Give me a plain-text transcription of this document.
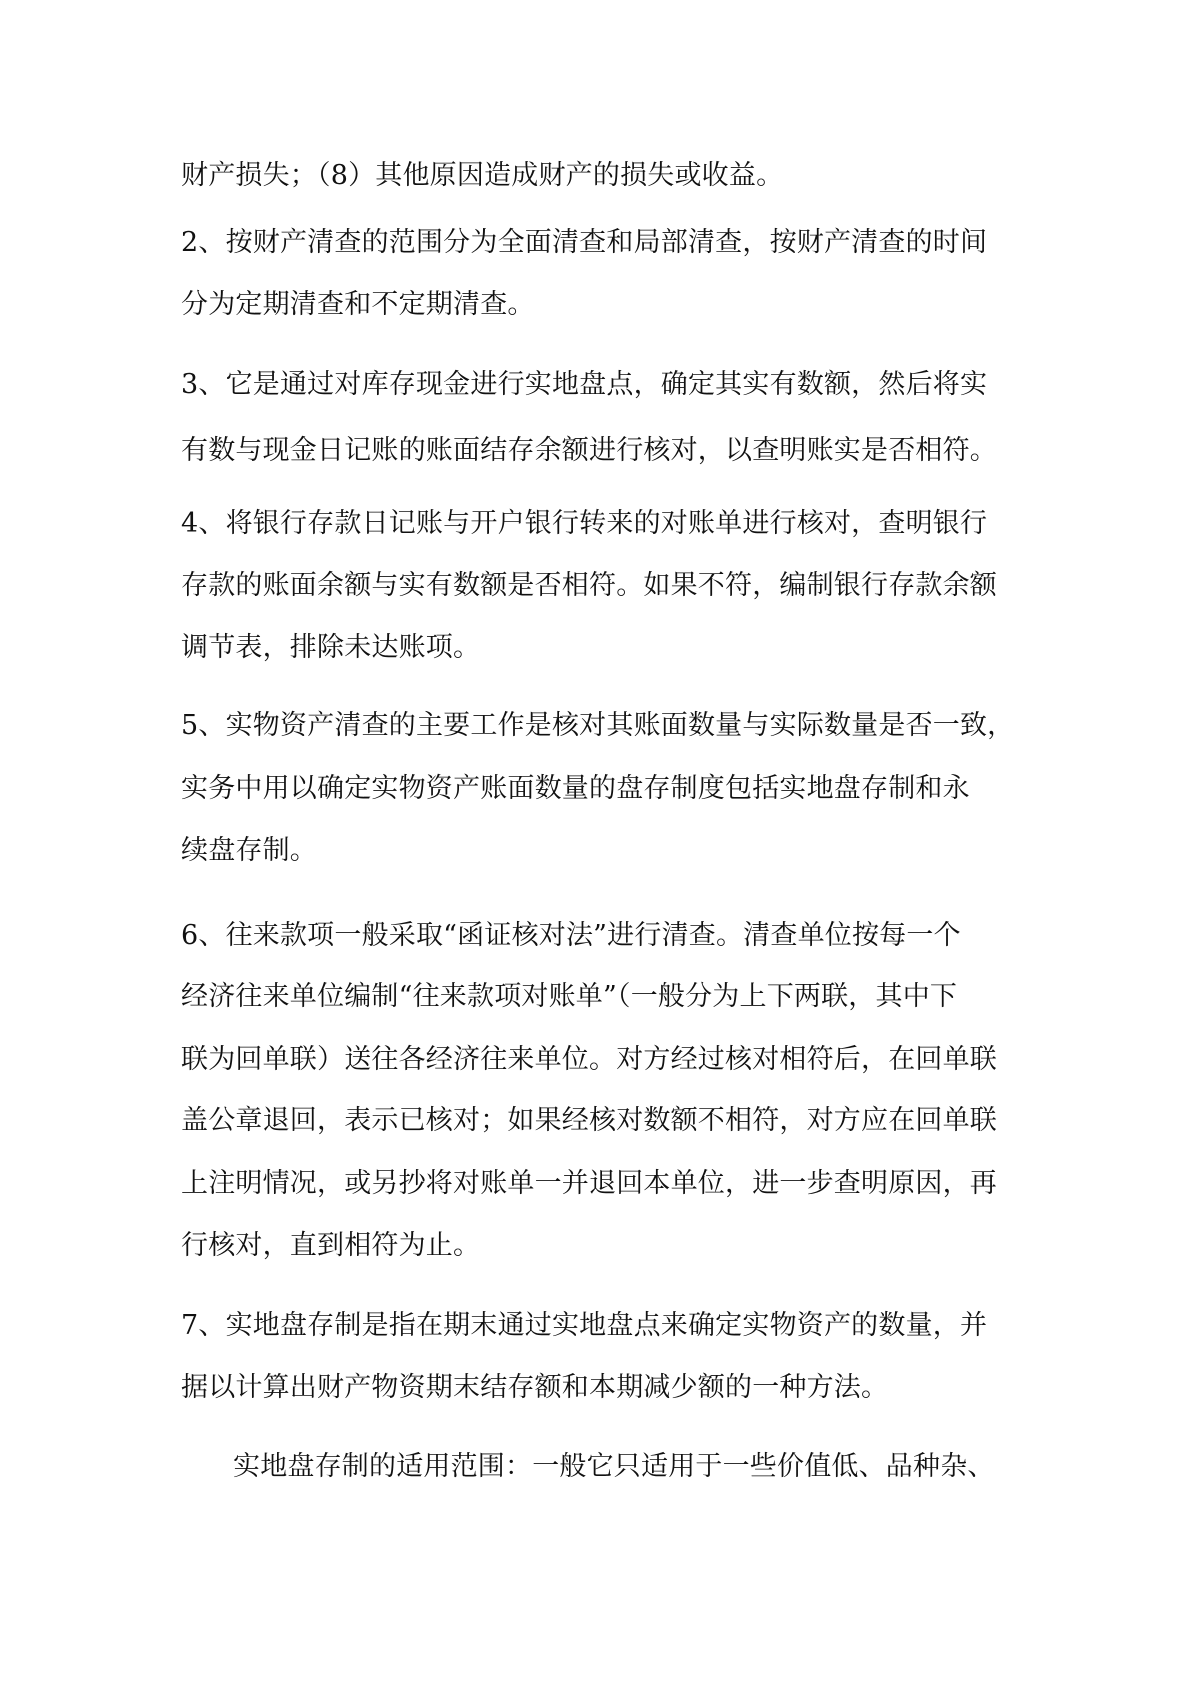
财产损失；（8）其他原因造成财产的损失或收益。
2、按财产清查的范围分为全面清查和局部清查，按财产清查的时间
分为定期清查和不定期清查。
3、它是通过对库存现金进行实地盘点，确定其实有数额，然后将实
有数与现金日记账的账面结存余额进行核对，以查明账实是否相符。
4、将银行存款日记账与开户银行转来的对账单进行核对，查明银行
存款的账面余额与实有数额是否相符。如果不符，编制银行存款余额
调节表，排除未达账项。
5、实物资产清查的主要工作是核对其账面数量与实际数量是否一致，
实务中用以确定实物资产账面数量的盘存制度包括实地盘存制和永
续盘存制。
6、往来款项一般采取“函证核对法”进行清查。清查单位按每一个
经济往来单位编制“往来款项对账单”（一般分为上下两联，其中下
联为回单联）送往各经济往来单位。对方经过核对相符后，在回单联
盖公章退回，表示已核对；如果经核对数额不相符，对方应在回单联
上注明情况，或另抄将对账单一并退回本单位，进一步查明原因，再
行核对，直到相符为止。
7、实地盘存制是指在期末通过实地盘点来确定实物资产的数量，并
据以计算出财产物资期末结存额和本期减少额的一种方法。
实地盘存制的适用范围：一般它只适用于一些价值低、品种杂、
